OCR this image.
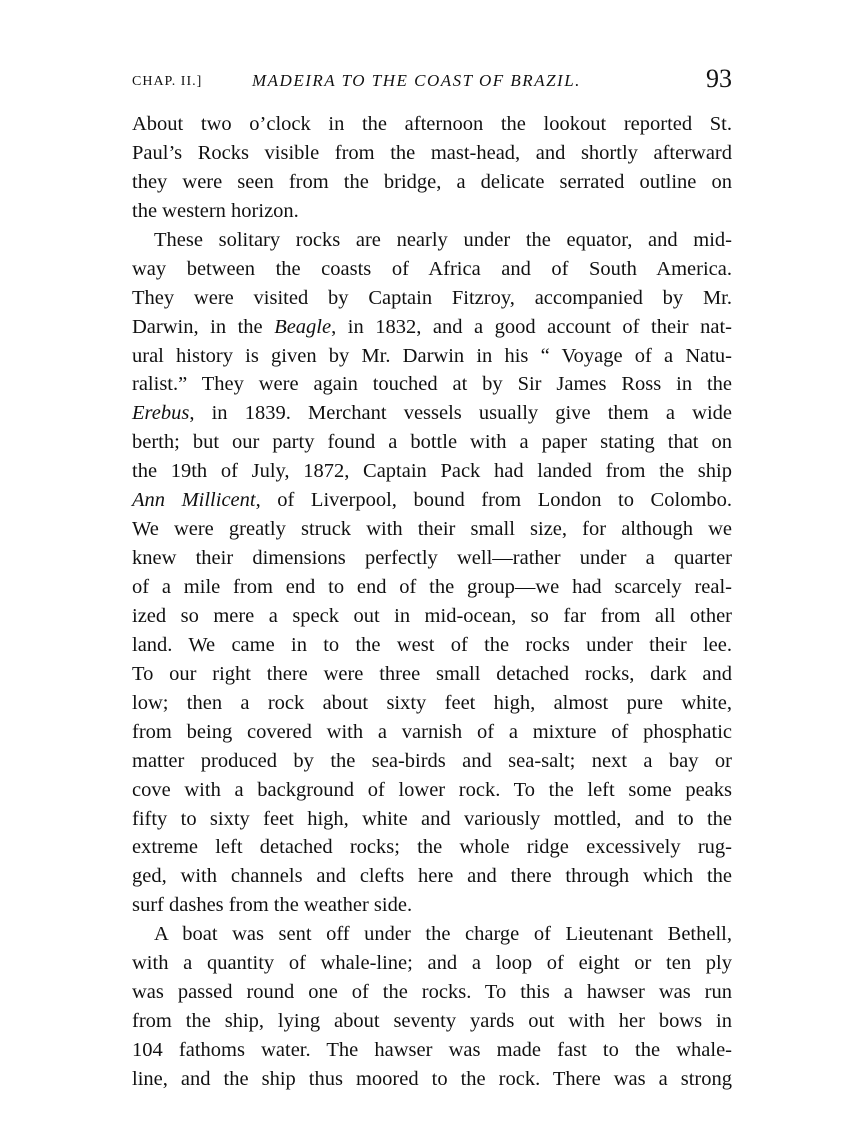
CHAP. II.]	MADEIRA TO THE COAST OF BRAZIL.	93
About two o’clock in the afternoon the lookout reported St.
Paul’s Rocks visible from the mast-head, and shortly afterward
they were seen from the bridge, a delicate serrated outline on
the western horizon.
These solitary rocks are nearly under the equator, and mid-
way between the coasts of Africa and of South America.
They were visited by Captain Fitzroy, accompanied by Mr.
Darwin, in the Beagle, in 1832, and a good account of their nat-
ural history is given by Mr. Darwin in his “ Voyage of a Natu-
ralist.” They were again touched at by Sir James Ross in the
Erebus, in 1839. Merchant vessels usually give them a wide
berth; but our party found a bottle with a paper stating that on
the 19th of July, 1872, Captain Pack had landed from the ship
Ann Millicent, of Liverpool, bound from London to Colombo.
We were greatly struck with their small size, for although we
knew their dimensions perfectly well—rather under a quarter
of a mile from end to end of the group—we had scarcely real-
ized so mere a speck out in mid-ocean, so far from all other
land. We came in to the west of the rocks under their lee.
To our right there were three small detached rocks, dark and
low; then a rock about sixty feet high, almost pure white,
from being covered with a varnish of a mixture of phosphatic
matter produced by the sea-birds and sea-salt; next a bay or
cove with a background of lower rock. To the left some peaks
fifty to sixty feet high, white and variously mottled, and to the
extreme left detached rocks; the whole ridge excessively rug-
ged, with channels and clefts here and there through which the
surf dashes from the weather side.
A boat was sent off under the charge of Lieutenant Bethell,
with a quantity of whale-line; and a loop of eight or ten ply
was passed round one of the rocks. To this a hawser was run
from the ship, lying about seventy yards out with her bows in
104 fathoms water. The hawser was made fast to the whale-
line, and the ship thus moored to the rock. There was a strong
